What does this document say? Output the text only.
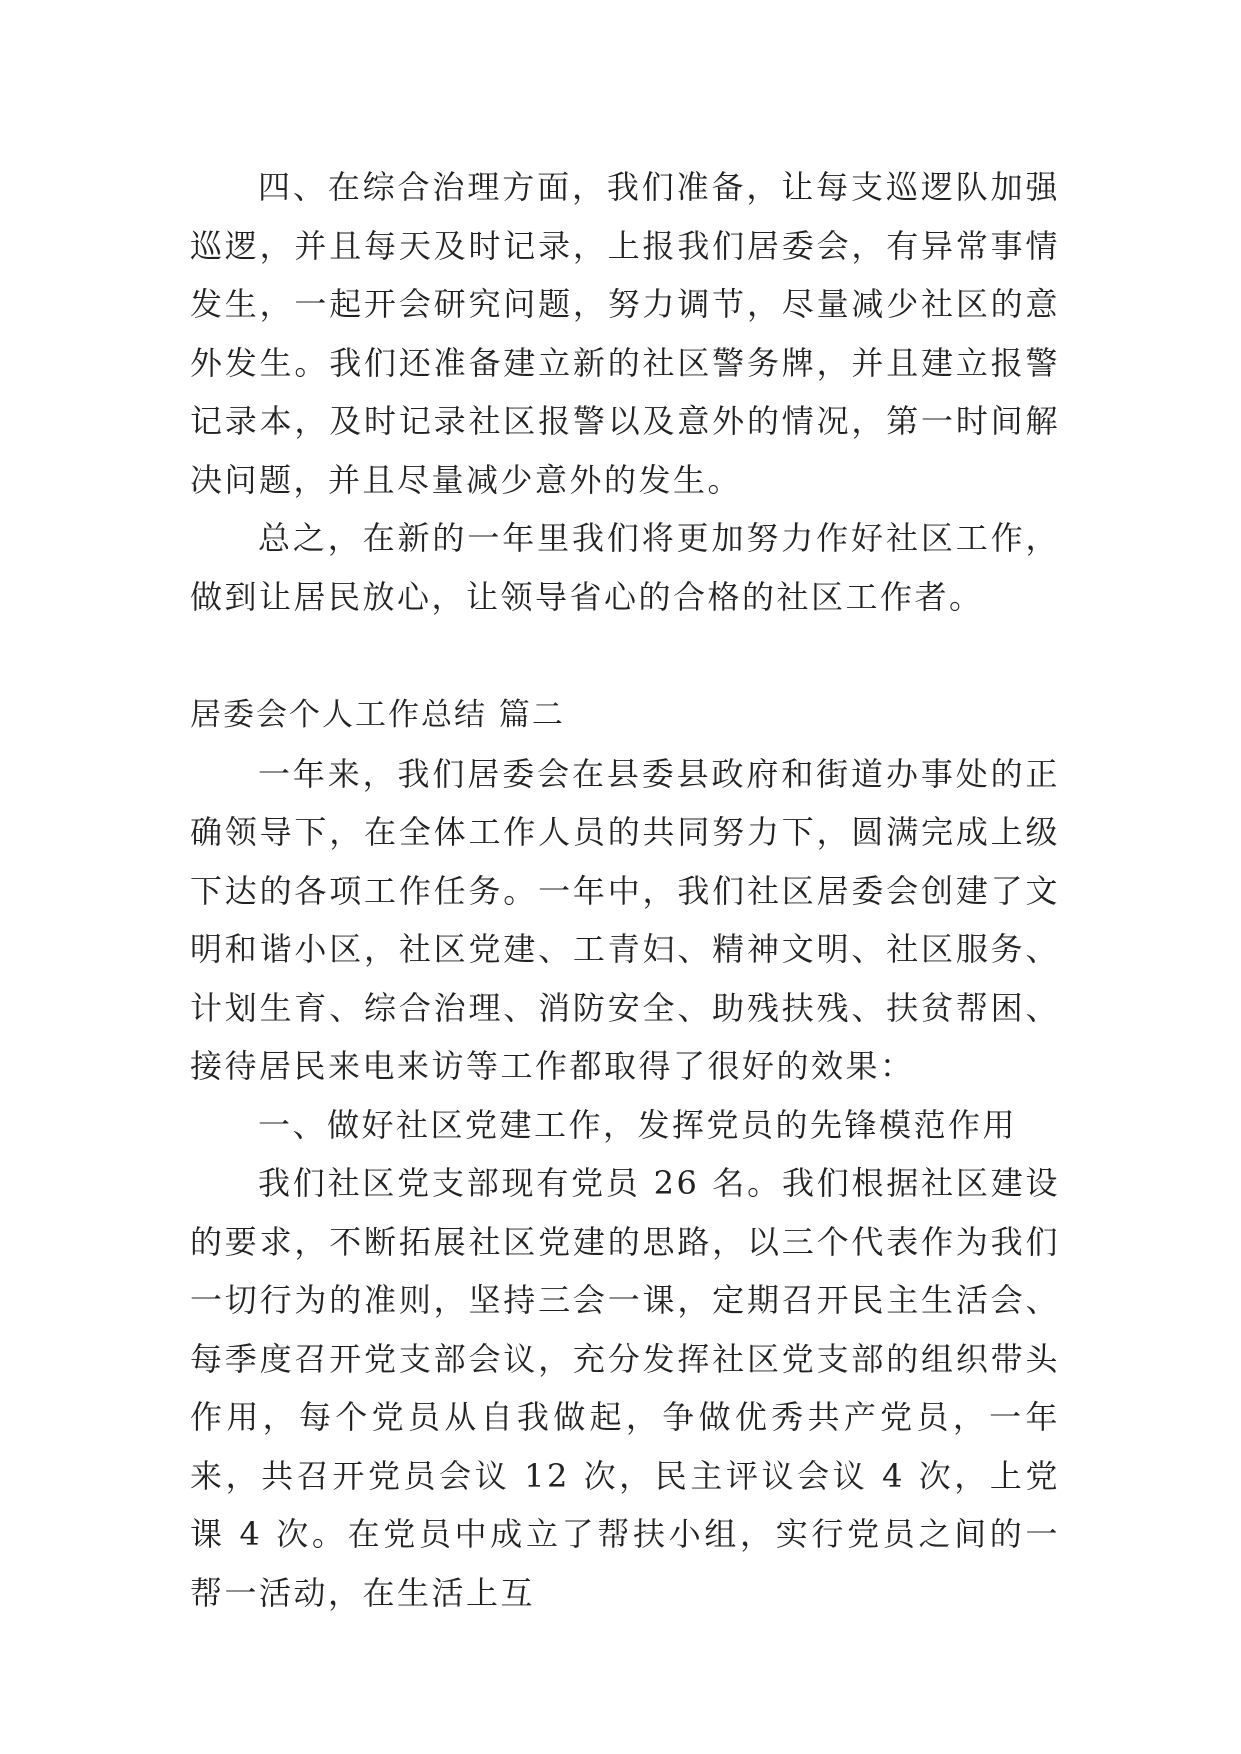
四、在综合治理方面，我们准备，让每支巡逻队加强巡逻，并且每天及时记录，上报我们居委会，有异常事情发生，一起开会研究问题，努力调节，尽量减少社区的意外发生。我们还准备建立新的社区警务牌，并且建立报警记录本，及时记录社区报警以及意外的情况，第一时间解决问题，并且尽量减少意外的发生。

总之，在新的一年里我们将更加努力作好社区工作，做到让居民放心，让领导省心的合格的社区工作者。

居委会个人工作总结 篇二

一年来，我们居委会在县委县政府和街道办事处的正确领导下，在全体工作人员的共同努力下，圆满完成上级下达的各项工作任务。一年中，我们社区居委会创建了文明和谐小区，社区党建、工青妇、精神文明、社区服务、计划生育、综合治理、消防安全、助残扶残、扶贫帮困、接待居民来电来访等工作都取得了很好的效果：

一、做好社区党建工作，发挥党员的先锋模范作用

我们社区党支部现有党员 26 名。我们根据社区建设的要求，不断拓展社区党建的思路，以三个代表作为我们一切行为的准则，坚持三会一课，定期召开民主生活会、每季度召开党支部会议，充分发挥社区党支部的组织带头作用，每个党员从自我做起，争做优秀共产党员，一年来，共召开党员会议 12 次，民主评议会议 4 次，上党课 4 次。在党员中成立了帮扶小组，实行党员之间的一帮一活动，在生活上互
